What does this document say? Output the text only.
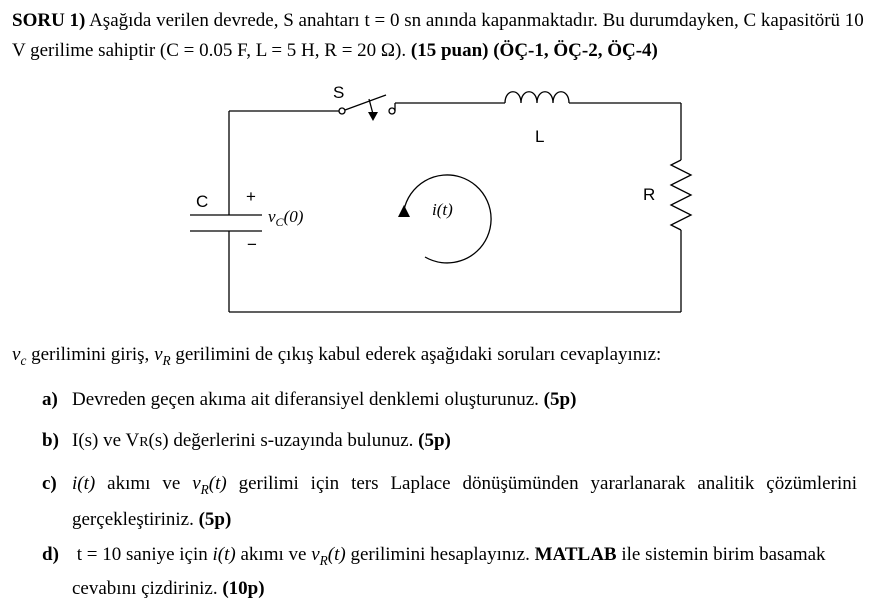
SORU 1) Aşağıda verilen devrede, S anahtarı t = 0 sn anında kapanmaktadır. Bu durumdayken, C kapasitörü 10 V gerilime sahiptir (C = 0.05 F, L = 5 H, R = 20 Ω). (15 puan) (ÖÇ-1, ÖÇ-2, ÖÇ-4)
S
L
R
C +
−
$v_C(0)$	i(t)
$v_c$ gerilimini giriş, $v_R$ gerilimini de çıkış kabul ederek aşağıdaki soruları cevaplayınız:
a) Devreden geçen akıma ait diferansiyel denklemi oluşturunuz. (5p)
b) I(s) ve VR(s) değerlerini s-uzayında bulunuz. (5p)
c) i(t) akımı ve $v_R(t)$ gerilimi için ters Laplace dönüşümünden yararlanarak analitik çözümlerini
gerçekleştiriniz. (5p)
d) t = 10 saniye için i(t) akımı ve $v_R(t)$ gerilimini hesaplayınız. MATLAB ile sistemin birim basamak
cevabını çizdiriniz. (10p)
